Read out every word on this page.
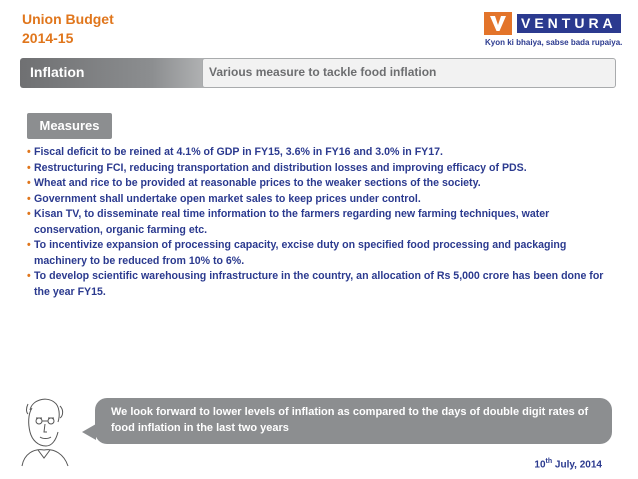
Union Budget
2014-15
VENTURA
Kyon ki bhaiya, sabse bada rupaiya.
Inflation	Various measure to tackle food inflation
Measures
• Fiscal deficit to be reined at 4.1% of GDP in FY15, 3.6% in FY16 and 3.0% in FY17.
• Restructuring FCI, reducing transportation and distribution losses and improving efficacy of PDS.
• Wheat and rice to be provided at reasonable prices to the weaker sections of the society.
• Government shall undertake open market sales to keep prices under control.
• Kisan TV, to disseminate real time information to the farmers regarding new farming techniques, water conservation, organic farming etc.
• To incentivize expansion of processing capacity, excise duty on specified food processing and packaging machinery to be reduced from 10% to 6%.
• To develop scientific warehousing infrastructure in the country, an allocation of Rs 5,000 crore has been done for the year FY15.
We look forward to lower levels of inflation as compared to the days of double digit rates of food inflation in the last two years
10th July, 2014
